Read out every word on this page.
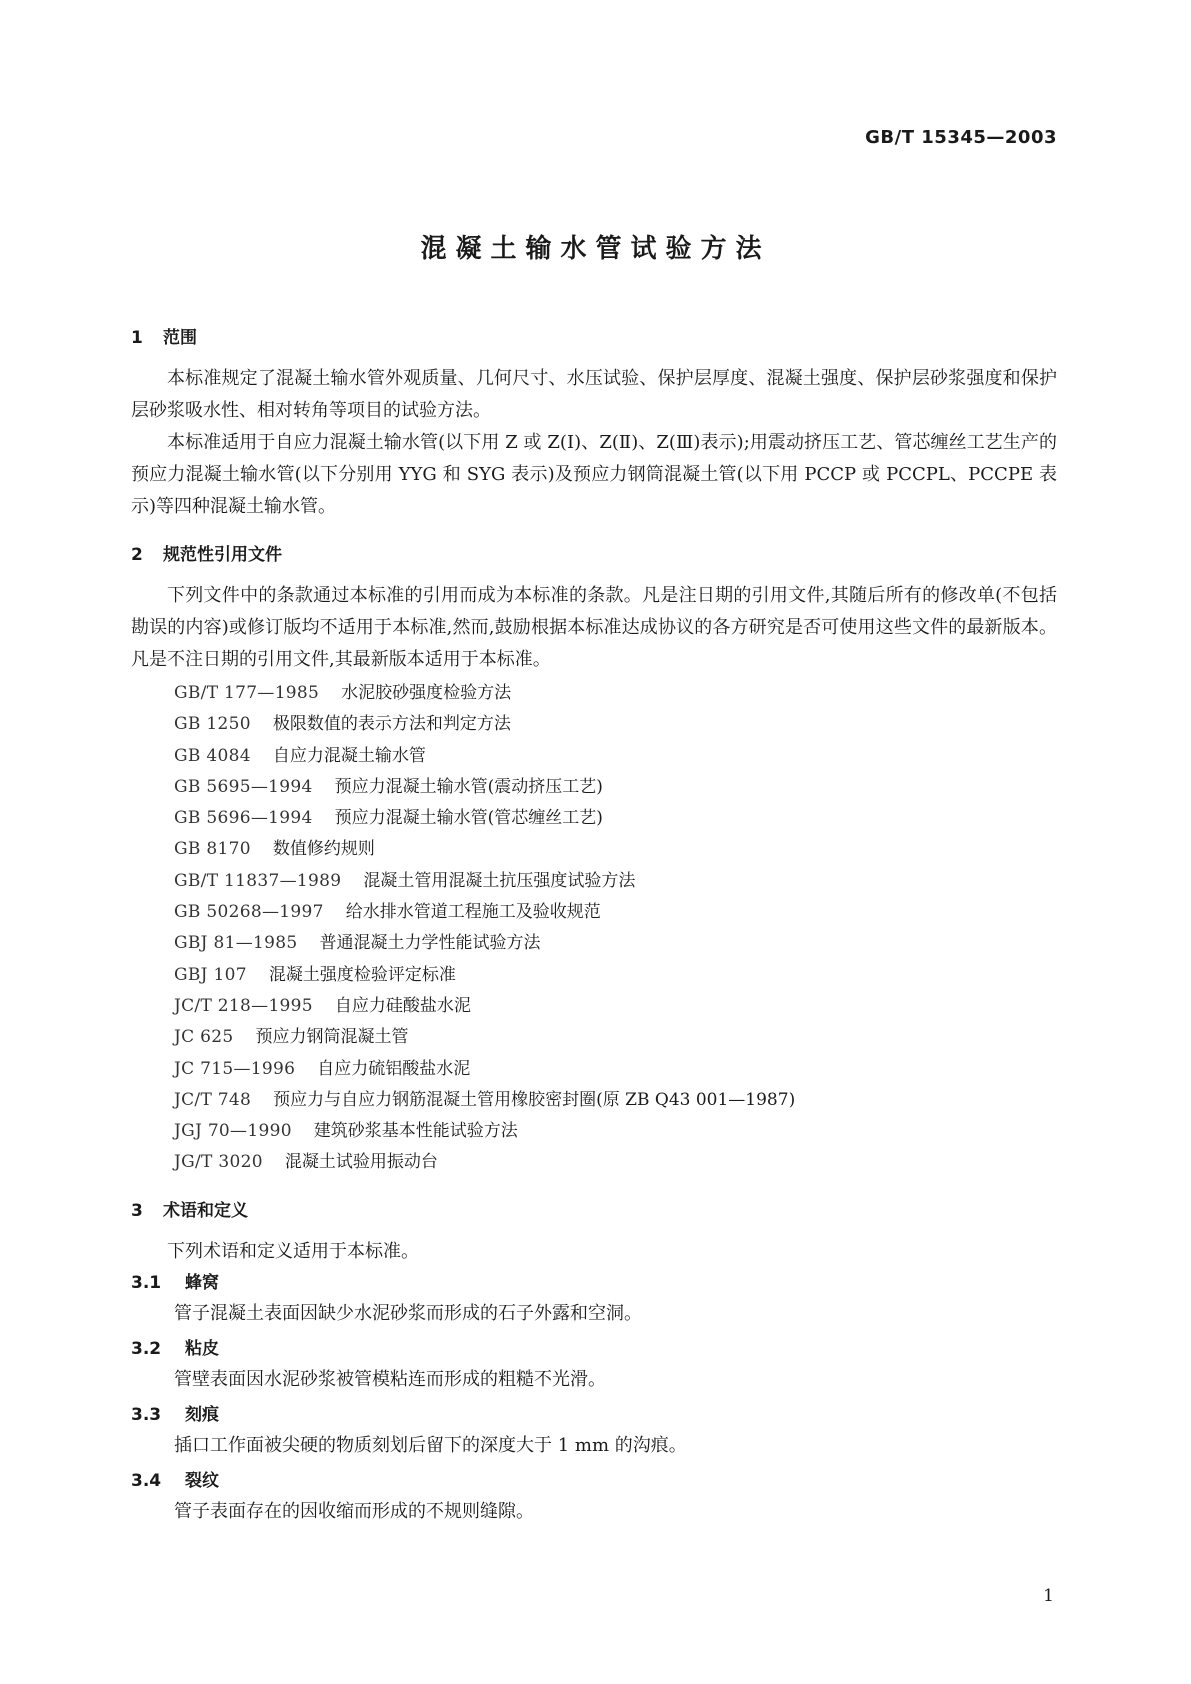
GB/T 15345—2003
混凝土输水管试验方法
1 范围

本标准规定了混凝土输水管外观质量、几何尺寸、水压试验、保护层厚度、混凝土强度、保护层砂浆强度和保护层砂浆吸水性、相对转角等项目的试验方法。

本标准适用于自应力混凝土输水管(以下用 Z 或 Z(Ⅰ)、Z(Ⅱ)、Z(Ⅲ)表示);用震动挤压工艺、管芯缠丝工艺生产的预应力混凝土输水管(以下分别用 YYG 和 SYG 表示)及预应力钢筒混凝土管(以下用 PCCP 或 PCCPL、PCCPE 表示)等四种混凝土输水管。

2 规范性引用文件

下列文件中的条款通过本标准的引用而成为本标准的条款。凡是注日期的引用文件,其随后所有的修改单(不包括勘误的内容)或修订版均不适用于本标准,然而,鼓励根据本标准达成协议的各方研究是否可使用这些文件的最新版本。凡是不注日期的引用文件,其最新版本适用于本标准。

GB/T 177—1985 水泥胶砂强度检验方法
GB 1250 极限数值的表示方法和判定方法
GB 4084 自应力混凝土输水管
GB 5695—1994 预应力混凝土输水管(震动挤压工艺)
GB 5696—1994 预应力混凝土输水管(管芯缠丝工艺)
GB 8170 数值修约规则
GB/T 11837—1989 混凝土管用混凝土抗压强度试验方法
GB 50268—1997 给水排水管道工程施工及验收规范
GBJ 81—1985 普通混凝土力学性能试验方法
GBJ 107 混凝土强度检验评定标准
JC/T 218—1995 自应力硅酸盐水泥
JC 625 预应力钢筒混凝土管
JC 715—1996 自应力硫铝酸盐水泥
JC/T 748 预应力与自应力钢筋混凝土管用橡胶密封圈(原 ZB Q43 001—1987)
JGJ 70—1990 建筑砂浆基本性能试验方法
JG/T 3020 混凝土试验用振动台
3 术语和定义

下列术语和定义适用于本标准。

3.1 蜂窝

管子混凝土表面因缺少水泥砂浆而形成的石子外露和空洞。

3.2 粘皮

管壁表面因水泥砂浆被管模粘连而形成的粗糙不光滑。

3.3 刻痕

插口工作面被尖硬的物质刻划后留下的深度大于 1 mm 的沟痕。

3.4 裂纹

管子表面存在的因收缩而形成的不规则缝隙。

1
